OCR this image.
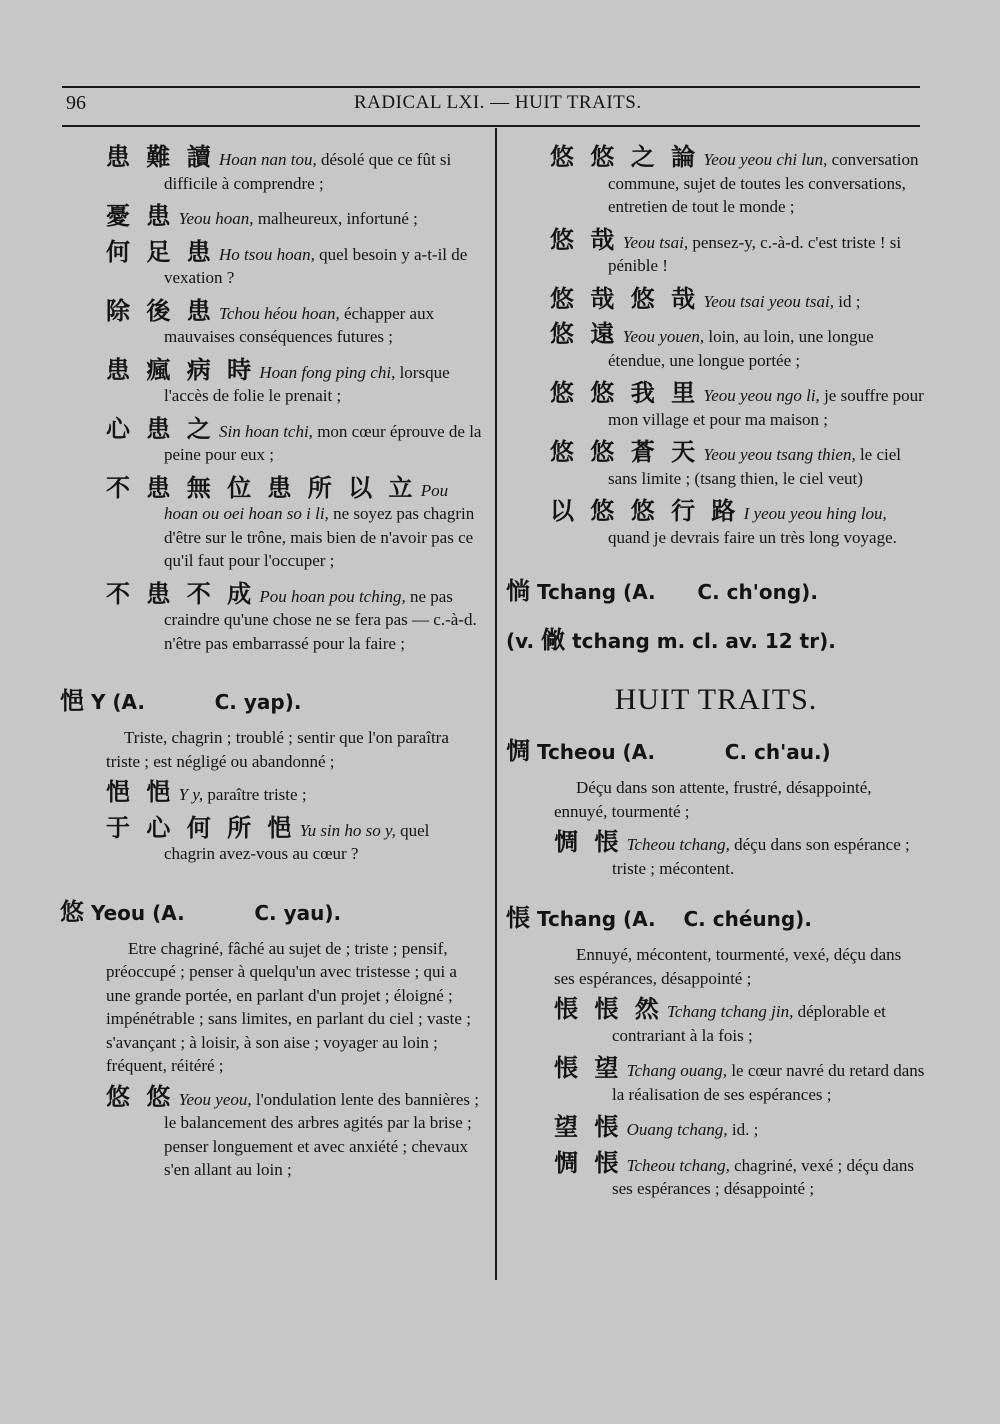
96	RADICAL LXI. — HUIT TRAITS.
患 難 讀 Hoan nan tou, désolé que ce fût si difficile à comprendre ;
憂 患 Yeou hoan, malheureux, infortuné ;
何 足 患 Ho tsou hoan, quel besoin y a-t-il de vexation ?
除 後 患 Tchou héou hoan, échapper aux mauvaises conséquences futures ;
患 瘋 病 時 Hoan fong ping chi, lorsque l'accès de folie le prenait ;
心 患 之 Sin hoan tchi, mon cœur éprouve de la peine pour eux ;
不 患 無 位 患 所 以 立 Pou hoan ou oei hoan so i li, ne soyez pas chagrin d'être sur le trône, mais bien de n'avoir pas ce qu'il faut pour l'occuper ;
不 患 不 成 Pou hoan pou tching, ne pas craindre qu'une chose ne se fera pas — c.-à-d. n'être pas embarrassé pour la faire ;
悒 Y (A.          C. yap).
Triste, chagrin ; troublé ; sentir que l'on paraîtra triste ; est négligé ou abandonné ;
悒 悒 Y y, paraître triste ;
于 心 何 所 悒 Yu sin ho so y, quel chagrin avez-vous au cœur ?
悠 Yeou (A.          C. yau).
Etre chagriné, fâché au sujet de ; triste ; pensif, préoccupé ; penser à quelqu'un avec tristesse ; qui a une grande portée, en parlant d'un projet ; éloigné ; impénétrable ; sans limites, en parlant du ciel ; vaste ; s'avançant ; à loisir, à son aise ; voyager au loin ; fréquent, réitéré ;
悠 悠 Yeou yeou, l'ondulation lente des bannières ; le balancement des arbres agités par la brise ; penser longuement et avec anxiété ; chevaux s'en allant au loin ;
悠 悠 之 論 Yeou yeou chi lun, conversation commune, sujet de toutes les conversations, entretien de tout le monde ;
悠 哉 Yeou tsai, pensez-y, c.-à-d. c'est triste ! si pénible !
悠 哉 悠 哉 Yeou tsai yeou tsai, id ;
悠 遠 Yeou youen, loin, au loin, une longue étendue, une longue portée ;
悠 悠 我 里 Yeou yeou ngo li, je souffre pour mon village et pour ma maison ;
悠 悠 蒼 天 Yeou yeou tsang thien, le ciel sans limite ; (tsang thien, le ciel veut)
以 悠 悠 行 路 I yeou yeou hing lou, quand je devrais faire un très long voyage.
惝 Tchang (A.      C. ch'ong).
(v. 僘 tchang m. cl. av. 12 tr).
HUIT TRAITS.
惆 Tcheou (A.          C. ch'au.)
Déçu dans son attente, frustré, désappointé, ennuyé, tourmenté ;
惆 悵 Tcheou tchang, déçu dans son espérance ; triste ; mécontent.
悵 Tchang (A.    C. chéung).
Ennuyé, mécontent, tourmenté, vexé, déçu dans ses espérances, désappointé ;
悵 悵 然 Tchang tchang jin, déplorable et contrariant à la fois ;
悵 望 Tchang ouang, le cœur navré du retard dans la réalisation de ses espérances ;
望 悵 Ouang tchang, id. ;
惆 悵 Tcheou tchang, chagriné, vexé ; déçu dans ses espérances ; désappointé ;
